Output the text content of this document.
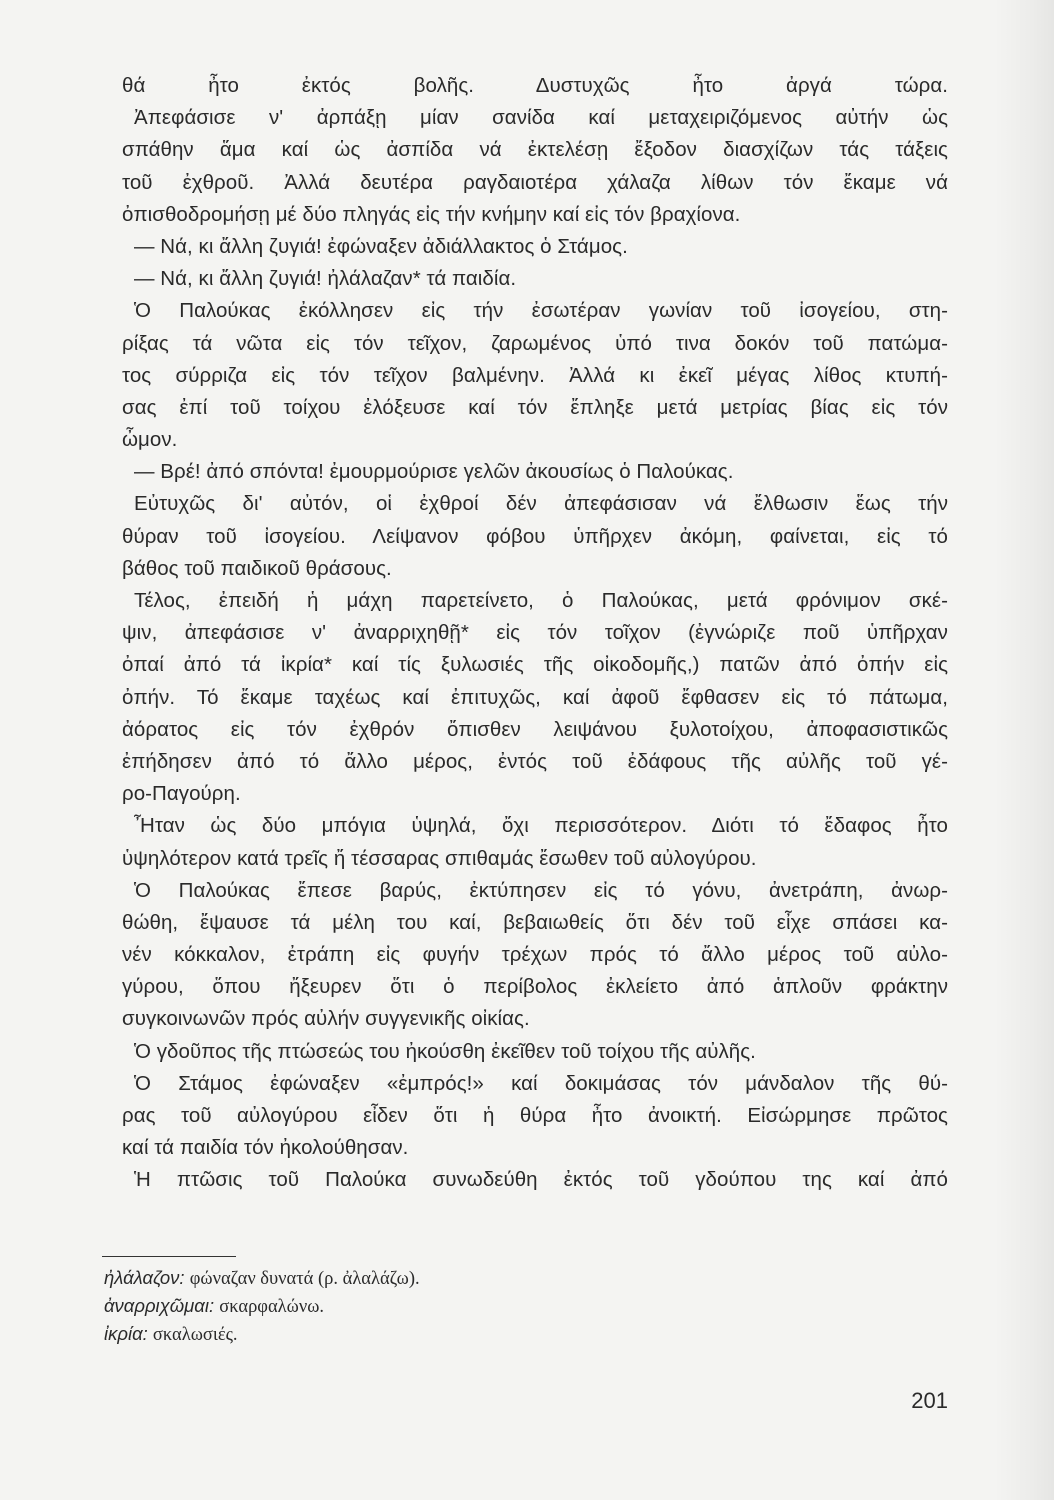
θά ἦτο ἐκτός βολῆς. Δυστυχῶς ἦτο ἀργά τώρα.
Ἀπεφάσισε ν' ἀρπάξῃ μίαν σανίδα καί μεταχειριζόμενος αὐτήν ὡς
σπάθην ἅμα καί ὡς ἀσπίδα νά ἐκτελέσῃ ἔξοδον διασχίζων τάς τάξεις
τοῦ ἐχθροῦ. Ἀλλά δευτέρα ραγδαιοτέρα χάλαζα λίθων τόν ἔκαμε νά
ὀπισθοδρομήσῃ μέ δύο πληγάς εἰς τήν κνήμην καί εἰς τόν βραχίονα.
— Νά, κι ἄλλη ζυγιά! ἐφώναξεν ἀδιάλλακτος ὁ Στάμος.
— Νά, κι ἄλλη ζυγιά! ἠλάλαζαν* τά παιδία.
Ὁ Παλούκας ἐκόλλησεν εἰς τήν ἐσωτέραν γωνίαν τοῦ ἰσογείου, στη-
ρίξας τά νῶτα εἰς τόν τεῖχον, ζαρωμένος ὑπό τινα δοκόν τοῦ πατώμα-
τος σύρριζα εἰς τόν τεῖχον βαλμένην. Ἀλλά κι ἐκεῖ μέγας λίθος κτυπή-
σας ἐπί τοῦ τοίχου ἐλόξευσε καί τόν ἔπληξε μετά μετρίας βίας εἰς τόν
ὦμον.
— Βρέ! ἀπό σπόντα! ἐμουρμούρισε γελῶν ἀκουσίως ὁ Παλούκας.
Εὐτυχῶς δι' αὐτόν, οἱ ἐχθροί δέν ἀπεφάσισαν νά ἔλθωσιν ἕως τήν
θύραν τοῦ ἰσογείου. Λείψανον φόβου ὑπῆρχεν ἀκόμη, φαίνεται, εἰς τό
βάθος τοῦ παιδικοῦ θράσους.
Τέλος, ἐπειδή ἡ μάχη παρετείνετο, ὁ Παλούκας, μετά φρόνιμον σκέ-
ψιν, ἀπεφάσισε ν' ἀναρριχηθῇ* εἰς τόν τοῖχον (ἐγνώριζε ποῦ ὑπῆρχαν
ὀπαί ἀπό τά ἰκρία* καί τίς ξυλωσιές τῆς οἰκοδομῆς,) πατῶν ἀπό ὀπήν εἰς
ὀπήν. Τό ἔκαμε ταχέως καί ἐπιτυχῶς, καί ἀφοῦ ἔφθασεν εἰς τό πάτωμα,
ἀόρατος εἰς τόν ἐχθρόν ὄπισθεν λειψάνου ξυλοτοίχου, ἀποφασιστικῶς
ἐπήδησεν ἀπό τό ἄλλο μέρος, ἐντός τοῦ ἐδάφους τῆς αὐλῆς τοῦ γέ-
ρο-Παγούρη.
Ἦταν ὡς δύο μπόγια ὑψηλά, ὄχι περισσότερον. Διότι τό ἔδαφος ἦτο
ὑψηλότερον κατά τρεῖς ἤ τέσσαρας σπιθαμάς ἔσωθεν τοῦ αὐλογύρου.
Ὁ Παλούκας ἔπεσε βαρύς, ἐκτύπησεν εἰς τό γόνυ, ἀνετράπη, ἀνωρ-
θώθη, ἔψαυσε τά μέλη του καί, βεβαιωθείς ὅτι δέν τοῦ εἶχε σπάσει κα-
νέν κόκκαλον, ἐτράπη εἰς φυγήν τρέχων πρός τό ἄλλο μέρος τοῦ αὐλο-
γύρου, ὅπου ἤξευρεν ὅτι ὁ περίβολος ἐκλείετο ἀπό ἁπλοῦν φράκτην
συγκοινωνῶν πρός αὐλήν συγγενικῆς οἰκίας.
Ὁ γδοῦπος τῆς πτώσεώς του ἠκούσθη ἐκεῖθεν τοῦ τοίχου τῆς αὐλῆς.
Ὁ Στάμος ἐφώναξεν «ἐμπρός!» καί δοκιμάσας τόν μάνδαλον τῆς θύ-
ρας τοῦ αὐλογύρου εἶδεν ὅτι ἡ θύρα ἦτο ἀνοικτή. Εἰσώρμησε πρῶτος
καί τά παιδία τόν ἠκολούθησαν.
Ἡ πτῶσις τοῦ Παλούκα συνωδεύθη ἐκτός τοῦ γδούπου της καί ἀπό
ἠλάλαζον: φώναζαν δυνατά (ρ. ἀλαλάζω).
ἀναρριχῶμαι: σκαρφαλώνω.
ἰκρία: σκαλωσιές.
201
